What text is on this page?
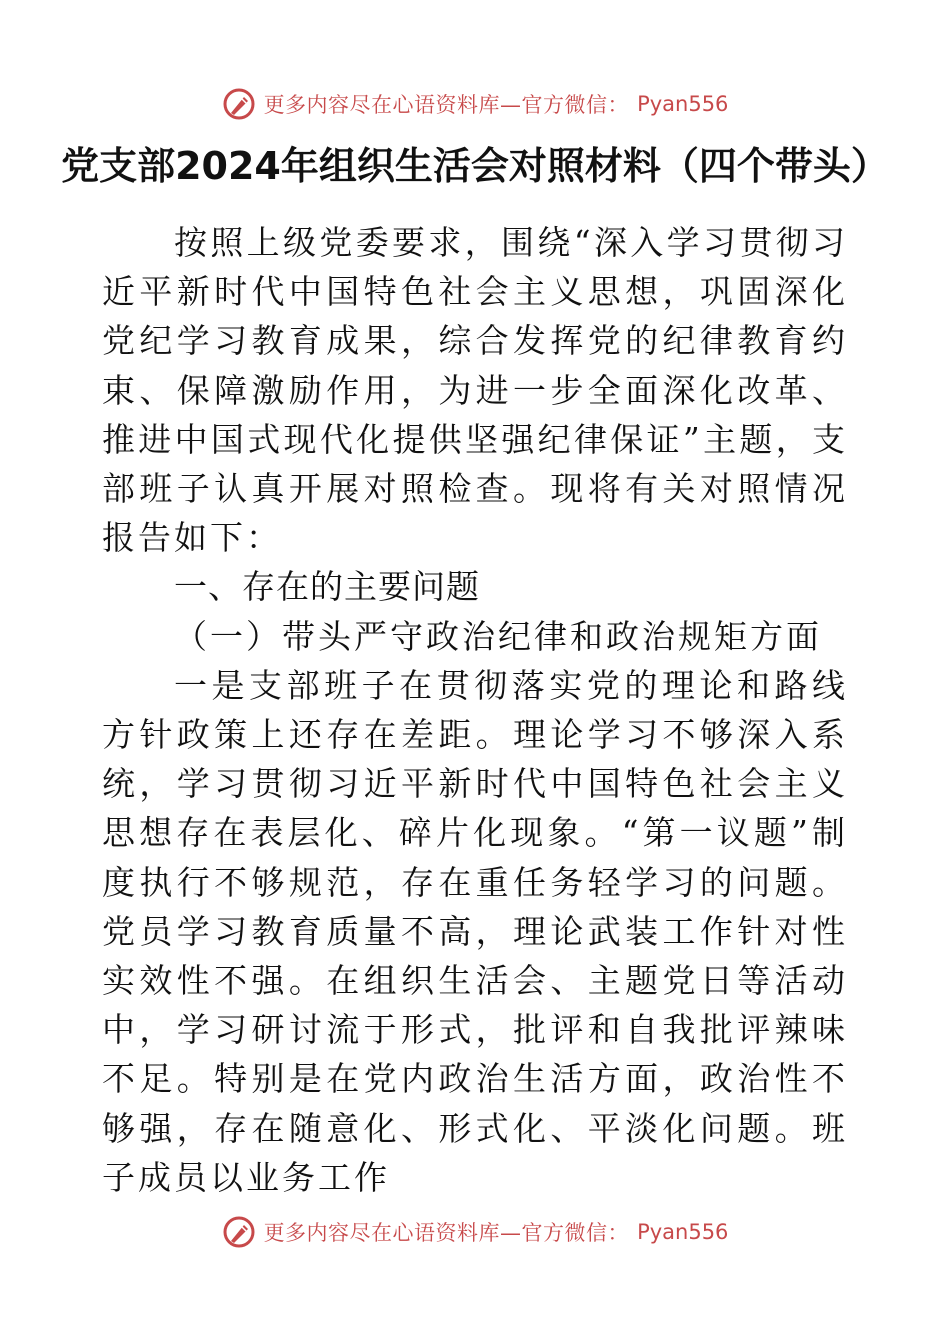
更多内容尽在心语资料库—官方微信： Pyan556
党支部2024年组织生活会对照材料（四个带头）

按照上级党委要求，围绕“深入学习贯彻习近平新时代中国特色社会主义思想，巩固深化党纪学习教育成果，综合发挥党的纪律教育约束、保障激励作用，为进一步全面深化改革、推进中国式现代化提供坚强纪律保证”主题，支部班子认真开展对照检查。现将有关对照情况报告如下：

一、存在的主要问题
（一）带头严守政治纪律和政治规矩方面

一是支部班子在贯彻落实党的理论和路线方针政策上还存在差距。理论学习不够深入系统，学习贯彻习近平新时代中国特色社会主义思想存在表层化、碎片化现象。“第一议题”制度执行不够规范，存在重任务轻学习的问题。党员学习教育质量不高，理论武装工作针对性实效性不强。在组织生活会、主题党日等活动中，学习研讨流于形式，批评和自我批评辣味不足。特别是在党内政治生活方面，政治性不够强，存在随意化、形式化、平淡化问题。班子成员以业务工作

更多内容尽在心语资料库—官方微信： Pyan556
